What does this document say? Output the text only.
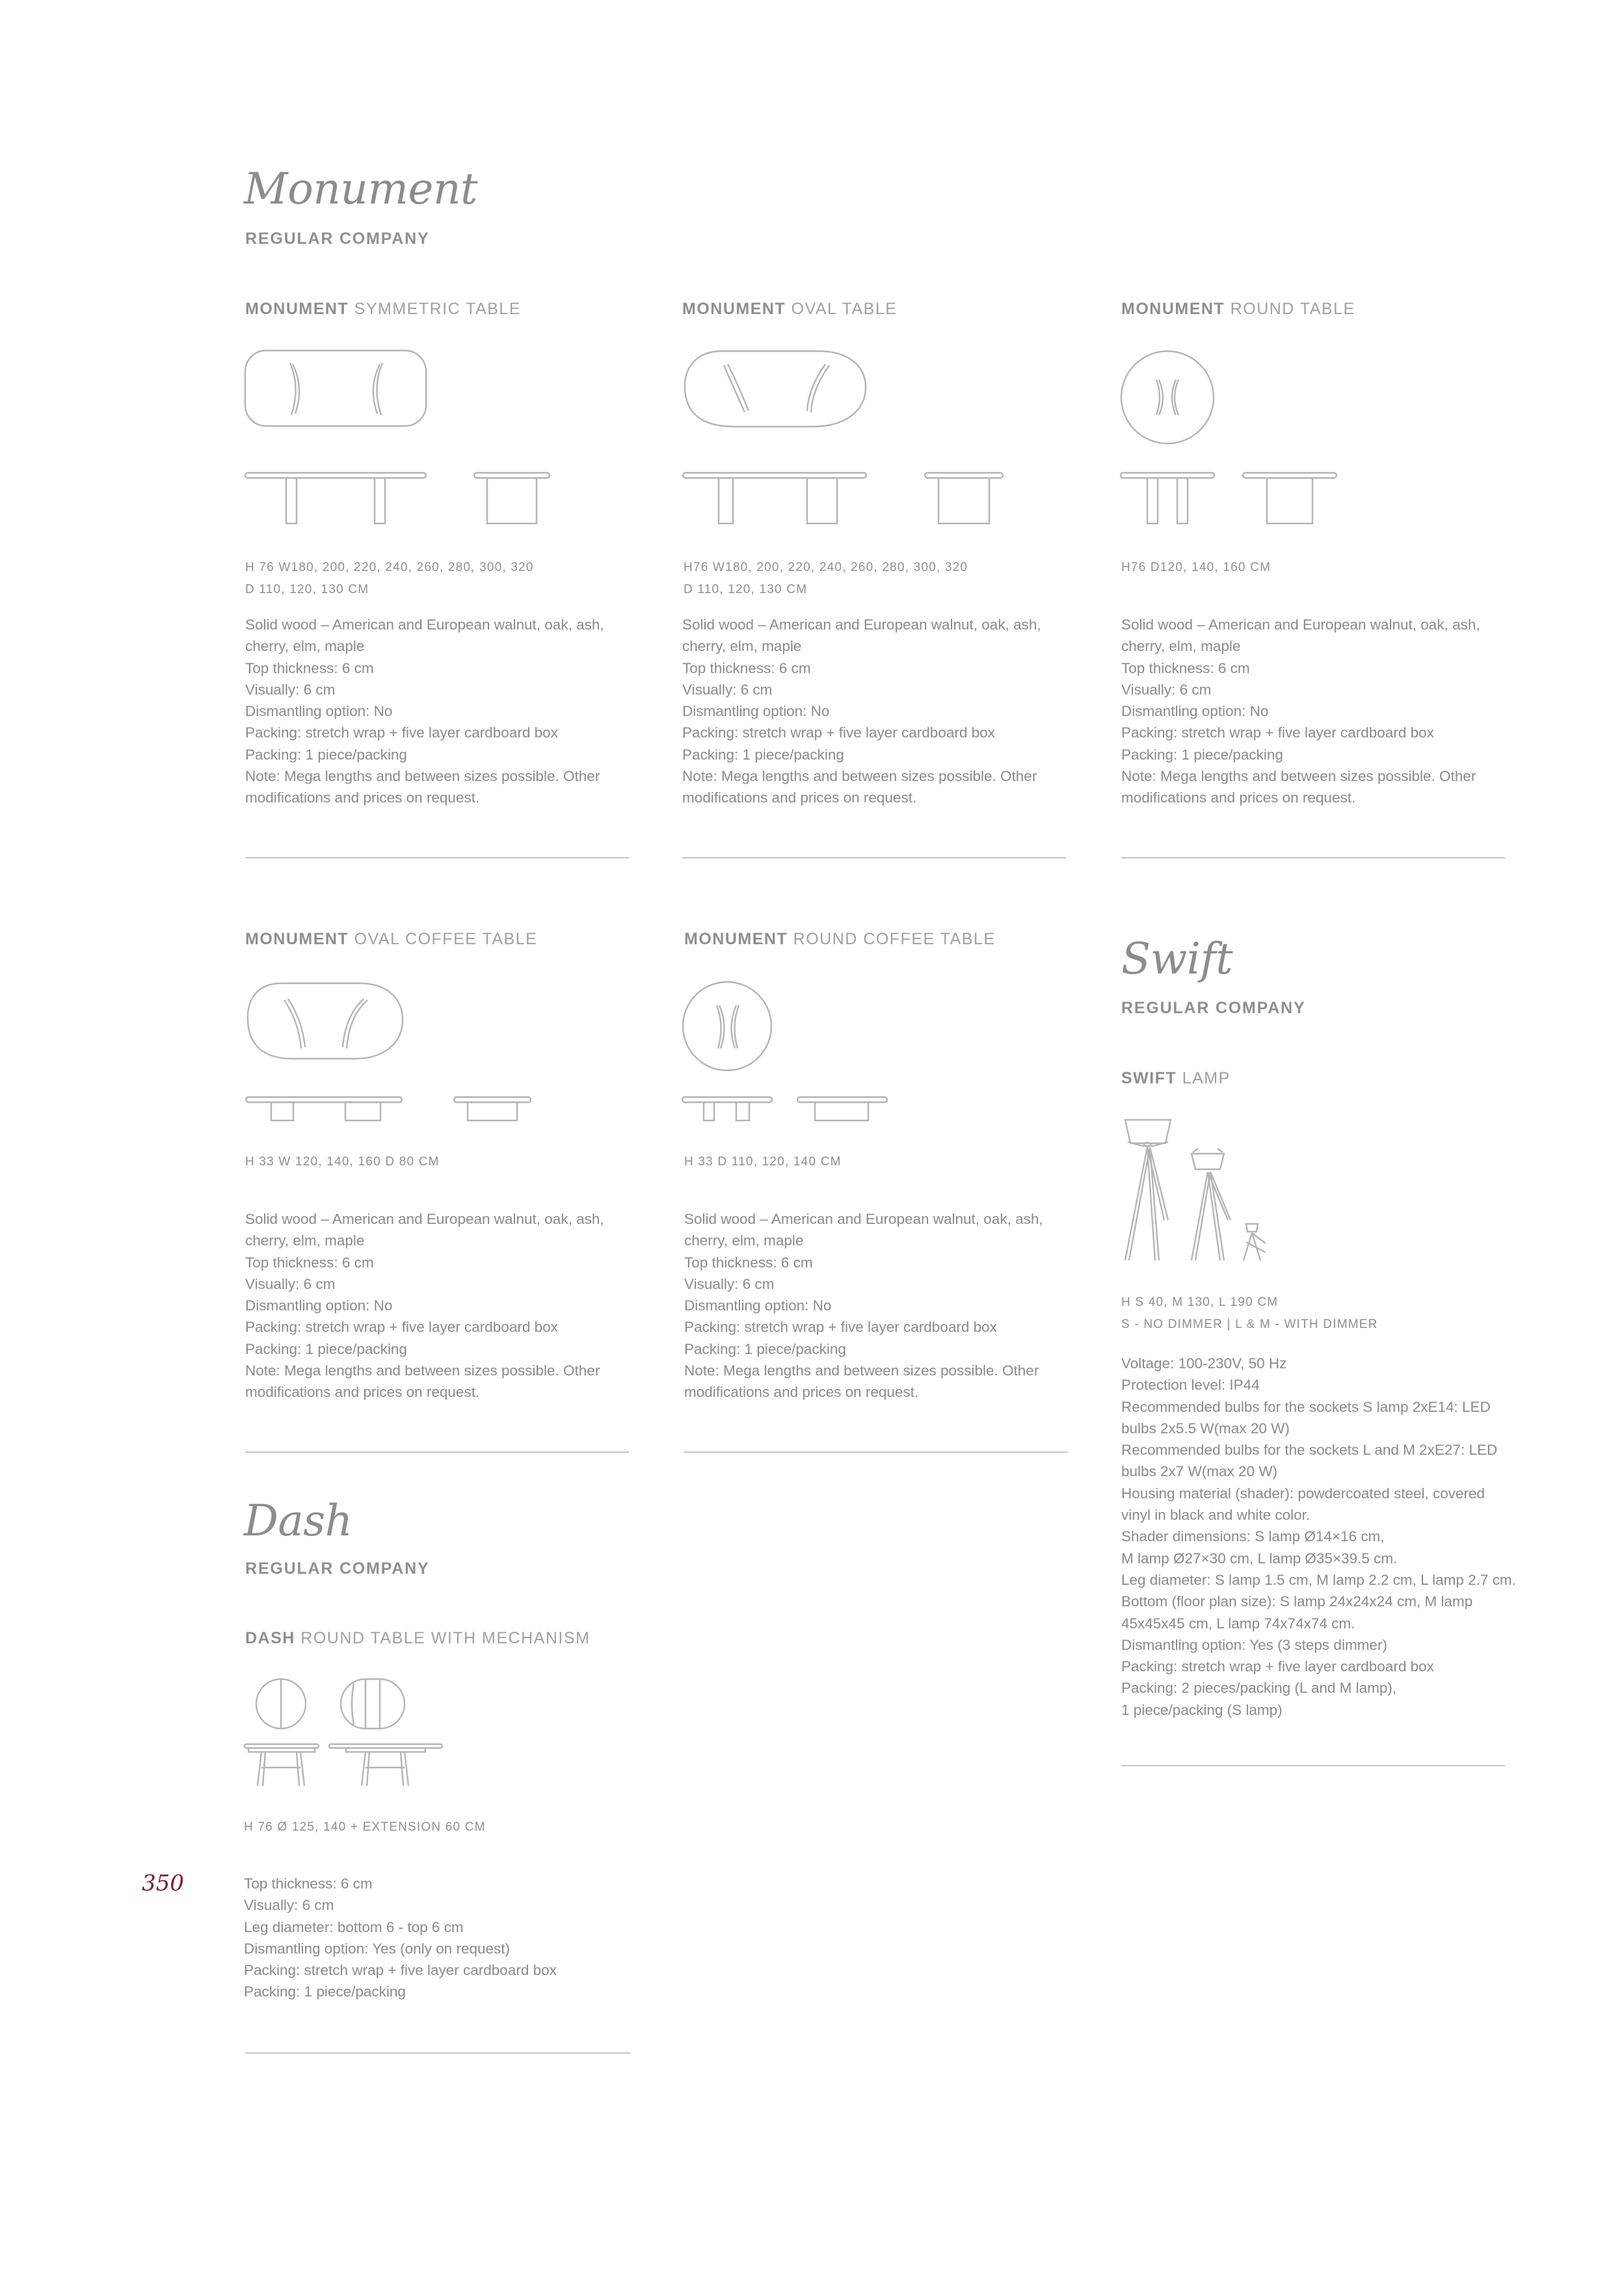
Monument
REGULAR COMPANY
MONUMENT SYMMETRIC TABLE
H 76 W180, 200, 220, 240, 260, 280, 300, 320
D 110, 120, 130 CM
Solid wood – American and European walnut, oak, ash,
cherry, elm, maple
Top thickness: 6 cm
Visually: 6 cm
Dismantling option: No
Packing: stretch wrap + five layer cardboard box
Packing: 1 piece/packing
Note: Mega lengths and between sizes possible. Other
modifications and prices on request.
MONUMENT OVAL TABLE
H76 W180, 200, 220, 240, 260, 280, 300, 320
D 110, 120, 130 CM
Solid wood – American and European walnut, oak, ash,
cherry, elm, maple
Top thickness: 6 cm
Visually: 6 cm
Dismantling option: No
Packing: stretch wrap + five layer cardboard box
Packing: 1 piece/packing
Note: Mega lengths and between sizes possible. Other
modifications and prices on request.
MONUMENT ROUND TABLE
H76 D120, 140, 160 CM
Solid wood – American and European walnut, oak, ash,
cherry, elm, maple
Top thickness: 6 cm
Visually: 6 cm
Dismantling option: No
Packing: stretch wrap + five layer cardboard box
Packing: 1 piece/packing
Note: Mega lengths and between sizes possible. Other
modifications and prices on request.
MONUMENT OVAL COFFEE TABLE
H 33 W 120, 140, 160 D 80 CM
Solid wood – American and European walnut, oak, ash,
cherry, elm, maple
Top thickness: 6 cm
Visually: 6 cm
Dismantling option: No
Packing: stretch wrap + five layer cardboard box
Packing: 1 piece/packing
Note: Mega lengths and between sizes possible. Other
modifications and prices on request.
MONUMENT ROUND COFFEE TABLE
H 33 D 110, 120, 140 CM
Solid wood – American and European walnut, oak, ash,
cherry, elm, maple
Top thickness: 6 cm
Visually: 6 cm
Dismantling option: No
Packing: stretch wrap + five layer cardboard box
Packing: 1 piece/packing
Note: Mega lengths and between sizes possible. Other
modifications and prices on request.
Swift
REGULAR COMPANY
SWIFT LAMP
H S 40, M 130, L 190 CM
S - NO DIMMER | L & M - WITH DIMMER
Voltage: 100-230V, 50 Hz
Protection level: IP44
Recommended bulbs for the sockets S lamp 2xE14: LED
bulbs 2x5.5 W(max 20 W)
Recommended bulbs for the sockets L and M 2xE27: LED
bulbs 2x7 W(max 20 W)
Housing material (shader): powdercoated steel, covered
vinyl in black and white color.
Shader dimensions: S lamp Ø14×16 cm,
M lamp Ø27×30 cm, L lamp Ø35×39.5 cm.
Leg diameter: S lamp 1.5 cm, M lamp 2.2 cm, L lamp 2.7 cm.
Bottom (floor plan size): S lamp 24x24x24 cm, M lamp
45x45x45 cm, L lamp 74x74x74 cm.
Dismantling option: Yes (3 steps dimmer)
Packing: stretch wrap + five layer cardboard box
Packing: 2 pieces/packing (L and M lamp),
1 piece/packing (S lamp)
Dash
REGULAR COMPANY
DASH ROUND TABLE WITH MECHANISM
H 76 Ø 125, 140 + EXTENSION 60 CM
Top thickness: 6 cm
Visually: 6 cm
Leg diameter: bottom 6 - top 6 cm
Dismantling option: Yes (only on request)
Packing: stretch wrap + five layer cardboard box
Packing: 1 piece/packing
350
